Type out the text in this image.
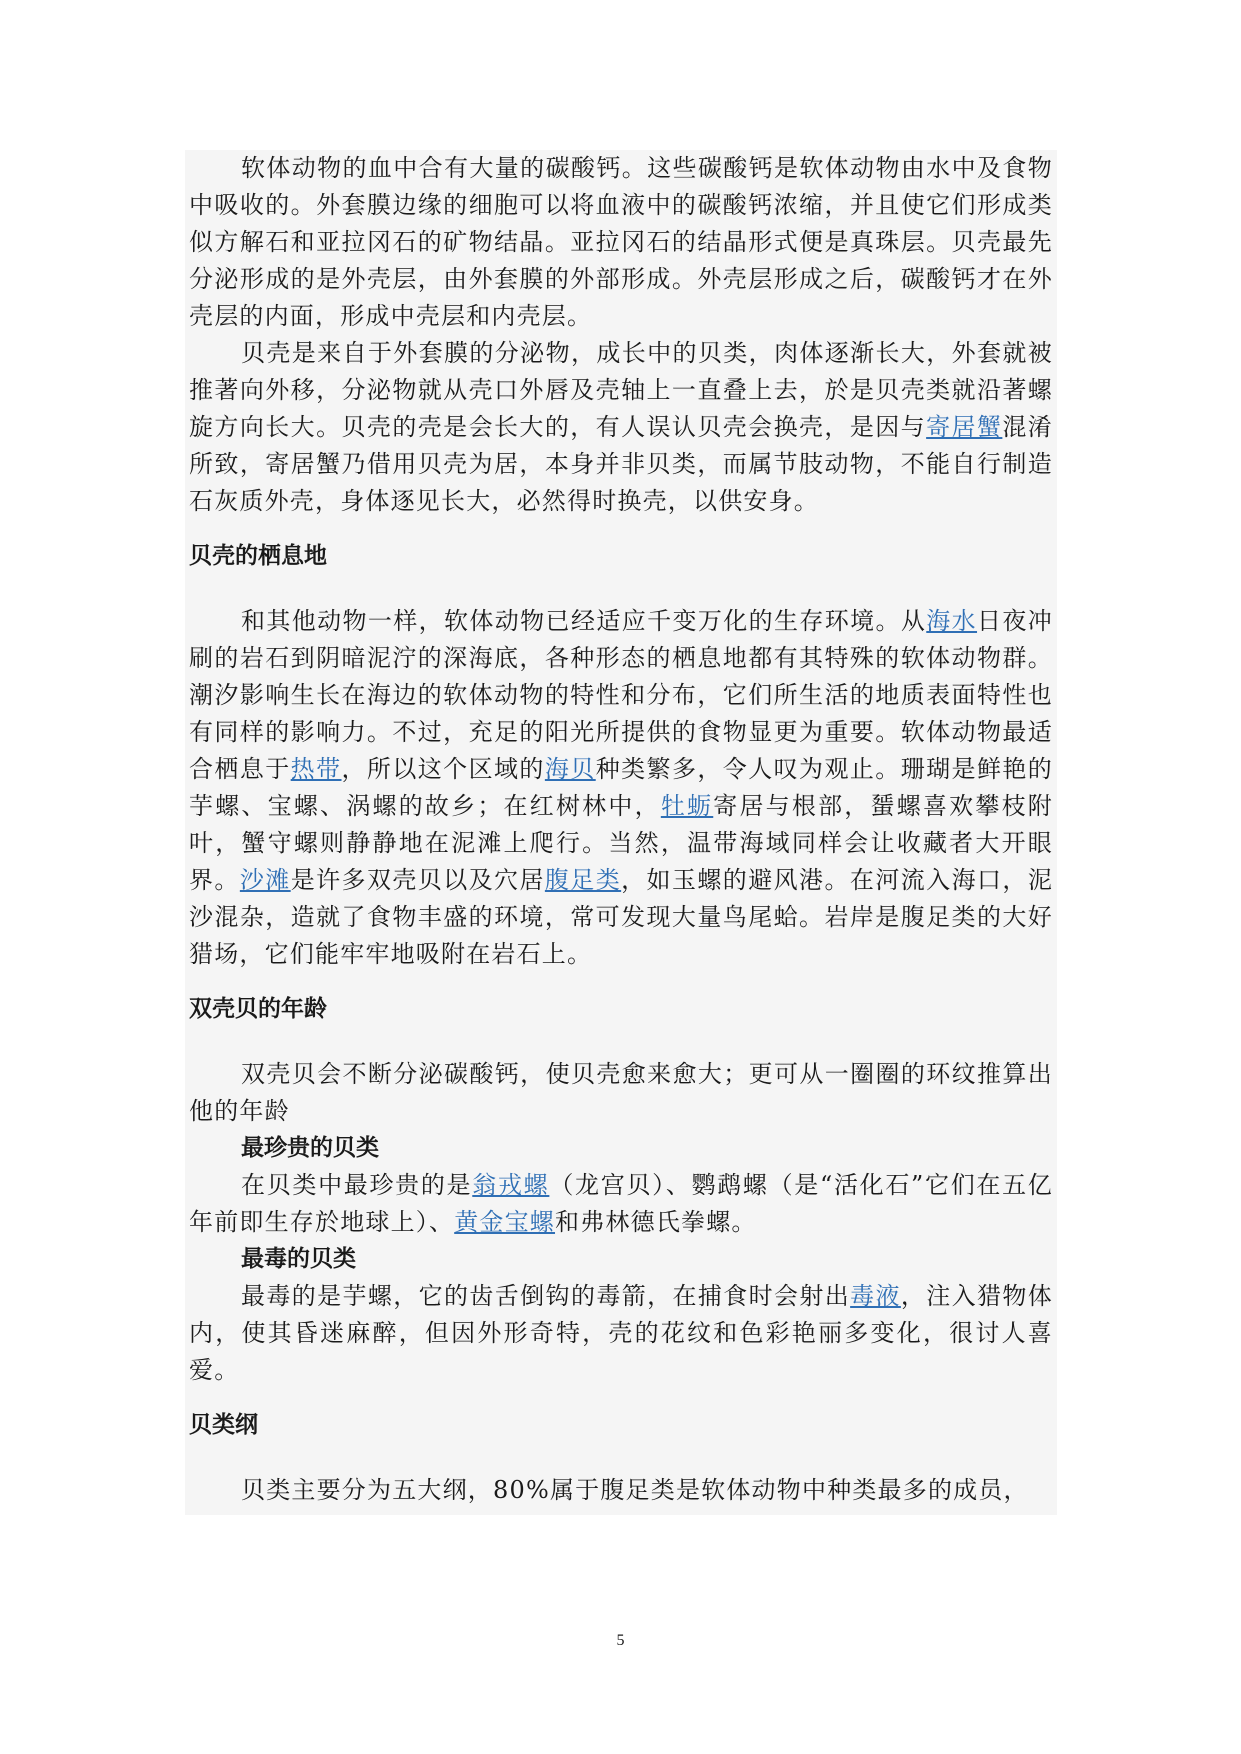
软体动物的血中合有大量的碳酸钙。这些碳酸钙是软体动物由水中及食物中吸收的。外套膜边缘的细胞可以将血液中的碳酸钙浓缩，并且使它们形成类似方解石和亚拉冈石的矿物结晶。亚拉冈石的结晶形式便是真珠层。贝壳最先分泌形成的是外壳层，由外套膜的外部形成。外壳层形成之后，碳酸钙才在外壳层的内面，形成中壳层和内壳层。

贝壳是来自于外套膜的分泌物，成长中的贝类，肉体逐渐长大，外套就被推著向外移，分泌物就从壳口外唇及壳轴上一直叠上去，於是贝壳类就沿著螺旋方向长大。贝壳的壳是会长大的，有人误认贝壳会换壳，是因与寄居蟹混淆所致，寄居蟹乃借用贝壳为居，本身并非贝类，而属节肢动物，不能自行制造石灰质外壳，身体逐见长大，必然得时换壳，以供安身。

贝壳的栖息地

和其他动物一样，软体动物已经适应千变万化的生存环境。从海水日夜冲刷的岩石到阴暗泥泞的深海底，各种形态的栖息地都有其特殊的软体动物群。潮汐影响生长在海边的软体动物的特性和分布，它们所生活的地质表面特性也有同样的影响力。不过，充足的阳光所提供的食物显更为重要。软体动物最适合栖息于热带，所以这个区域的海贝种类繁多，令人叹为观止。珊瑚是鲜艳的芋螺、宝螺、涡螺的故乡；在红树林中，牡蛎寄居与根部，蜑螺喜欢攀枝附叶，蟹守螺则静静地在泥滩上爬行。当然，温带海域同样会让收藏者大开眼界。沙滩是许多双壳贝以及穴居腹足类，如玉螺的避风港。在河流入海口，泥沙混杂，造就了食物丰盛的环境，常可发现大量鸟尾蛤。岩岸是腹足类的大好猎场，它们能牢牢地吸附在岩石上。

双壳贝的年龄

双壳贝会不断分泌碳酸钙，使贝壳愈来愈大；更可从一圈圈的环纹推算出他的年龄

最珍贵的贝类

在贝类中最珍贵的是翁戎螺（龙宫贝）、鹦鹉螺（是“活化石”它们在五亿年前即生存於地球上）、黄金宝螺和弗林德氏拳螺。

最毒的贝类

最毒的是芋螺，它的齿舌倒钩的毒箭，在捕食时会射出毒液，注入猎物体内，使其昏迷麻醉，但因外形奇特，壳的花纹和色彩艳丽多变化，很讨人喜爱。

贝类纲

贝类主要分为五大纲，80%属于腹足类是软体动物中种类最多的成员，

5
